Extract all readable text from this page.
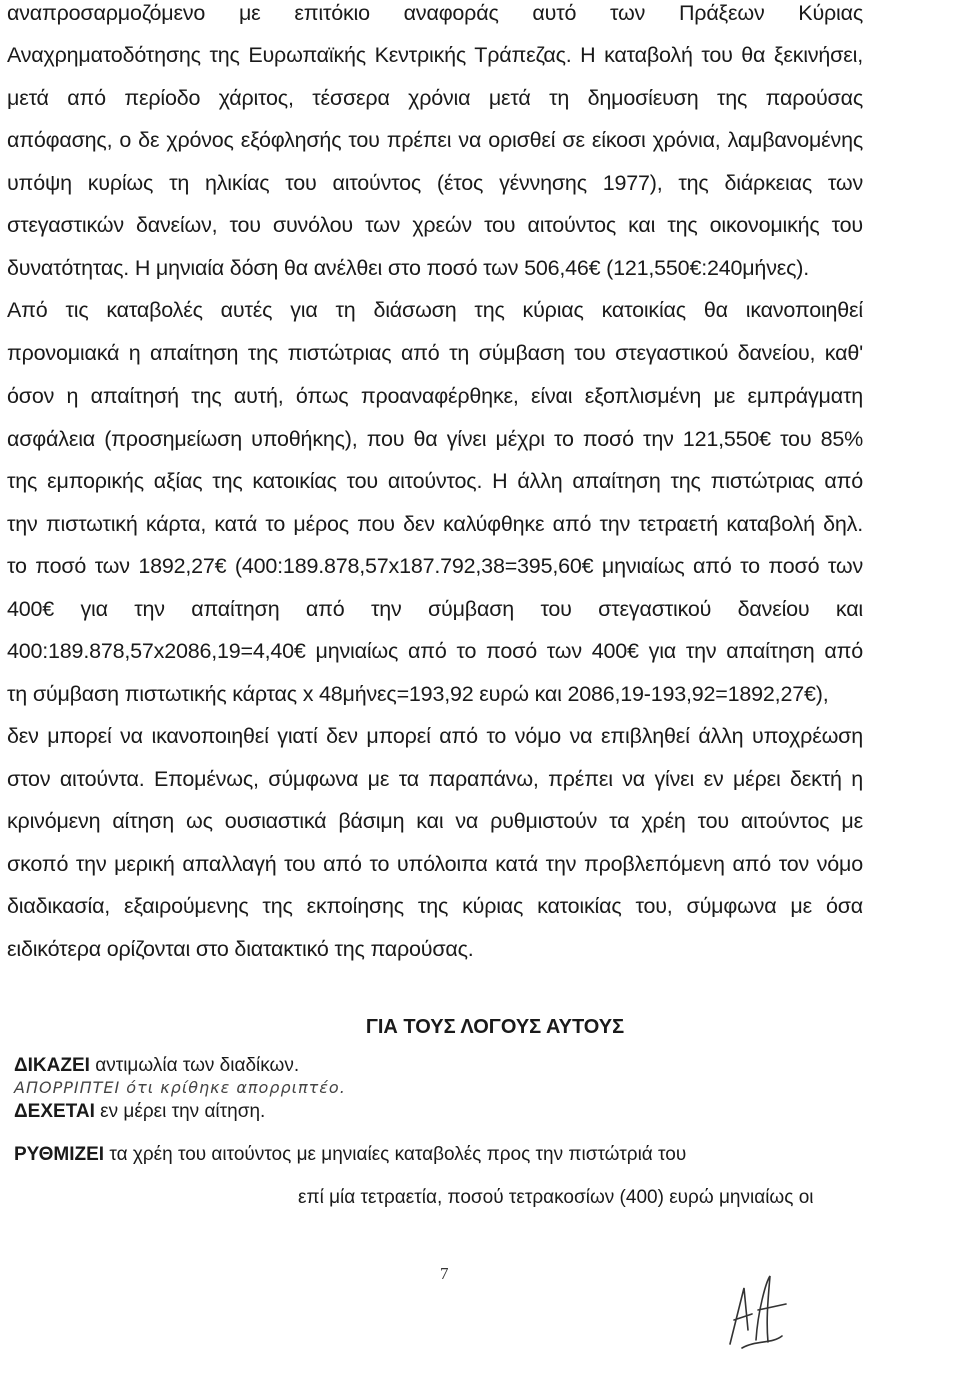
αναπροσαρμοζόμενο με επιτόκιο αναφοράς αυτό των Πράξεων Κύριας
Αναχρηματοδότησης της Ευρωπαϊκής Κεντρικής Τράπεζας. Η καταβολή του θα ξεκινήσει,
μετά από περίοδο χάριτος, τέσσερα χρόνια μετά τη δημοσίευση της παρούσας
απόφασης, ο δε χρόνος εξόφλησής του πρέπει να ορισθεί σε είκοσι χρόνια, λαμβανομένης
υπόψη κυρίως τη ηλικίας του αιτούντος (έτος γέννησης 1977), της διάρκειας των
στεγαστικών δανείων, του συνόλου των χρεών του αιτούντος και της οικονομικής του
δυνατότητας. Η μηνιαία δόση θα ανέλθει στο ποσό των 506,46€ (121,550€:240μήνες).
Από τις καταβολές αυτές για τη διάσωση της κύριας κατοικίας θα ικανοποιηθεί
προνομιακά η απαίτηση της πιστώτριας από τη σύμβαση του στεγαστικού δανείου, καθ'
όσον η απαίτησή της αυτή, όπως προαναφέρθηκε, είναι εξοπλισμένη με εμπράγματη
ασφάλεια (προσημείωση υποθήκης), που θα γίνει μέχρι το ποσό την 121,550€ του 85%
της εμπορικής αξίας της κατοικίας του αιτούντος. Η άλλη απαίτηση της πιστώτριας από
την πιστωτική κάρτα, κατά το μέρος που δεν καλύφθηκε από την τετραετή καταβολή δηλ.
το ποσό των 1892,27€ (400:189.878,57x187.792,38=395,60€ μηνιαίως από το ποσό των
400€ για την απαίτηση από την σύμβαση του στεγαστικού δανείου και
400:189.878,57x2086,19=4,40€ μηνιαίως από το ποσό των 400€ για την απαίτηση από
τη σύμβαση πιστωτικής κάρτας x 48μήνες=193,92 ευρώ και 2086,19-193,92=1892,27€),
δεν μπορεί να ικανοποιηθεί γιατί δεν μπορεί από το νόμο να επιβληθεί άλλη υποχρέωση
στον αιτούντα. Επομένως, σύμφωνα με τα παραπάνω, πρέπει να γίνει εν μέρει δεκτή η
κρινόμενη αίτηση ως ουσιαστικά βάσιμη και να ρυθμιστούν τα χρέη του αιτούντος με
σκοπό την μερική απαλλαγή του από το υπόλοιπα κατά την προβλεπόμενη από τον νόμο
διαδικασία, εξαιρούμενης της εκποίησης της κύριας κατοικίας του, σύμφωνα με όσα
ειδικότερα ορίζονται στο διατακτικό της παρούσας.
ΓΙΑ ΤΟΥΣ ΛΟΓΟΥΣ ΑΥΤΟΥΣ
ΔΙΚΑΖΕΙ αντιμωλία των διαδίκων.
ΑΠΟΡΡΙΠΤΕΙ ότι κρίθηκε απορριπτέο.
ΔΕΧΕΤΑΙ εν μέρει την αίτηση.
ΡΥΘΜΙΖΕΙ τα χρέη του αιτούντος με μηνιαίες καταβολές προς την πιστώτριά του
επί μία τετραετία, ποσού τετρακοσίων (400) ευρώ μηνιαίως οι
7
